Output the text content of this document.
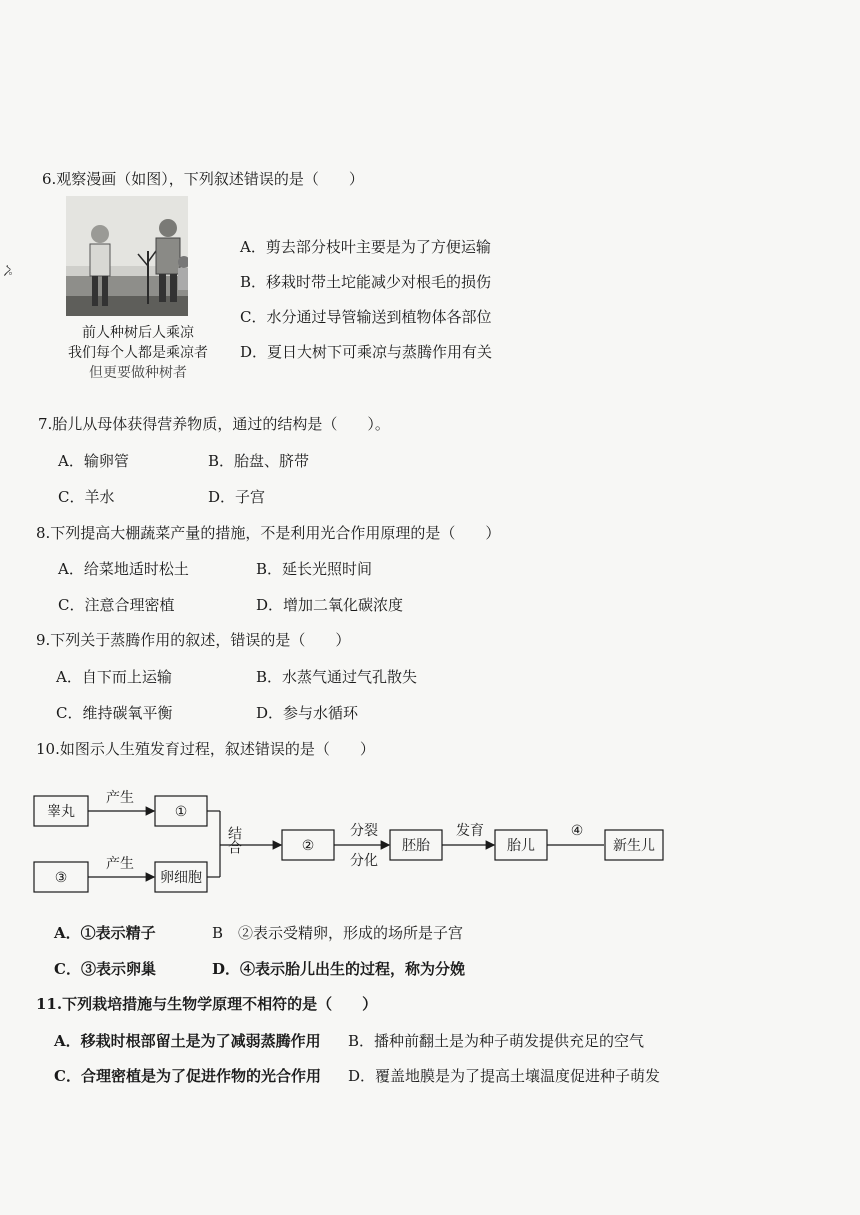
ぺ
6.观察漫画（如图），下列叙述错误的是（　　）
前人种树后人乘凉
我们每个人都是乘凉者
但更要做种树者
A．剪去部分枝叶主要是为了方便运输
B．移栽时带土坨能减少对根毛的损伤
C．水分通过导管输送到植物体各部位
D．夏日大树下可乘凉与蒸腾作用有关
7.胎儿从母体获得营养物质，通过的结构是（　　）。
A．输卵管	B．胎盘、脐带
C．羊水	D．子宫
8.下列提高大棚蔬菜产量的措施，不是利用光合作用原理的是（　　）
A．给菜地适时松土	B．延长光照时间
C．注意合理密植	D．增加二氧化碳浓度
9.下列关于蒸腾作用的叙述，错误的是（　　）
A．自下而上运输	B．水蒸气通过气孔散失
C．维持碳氧平衡	D．参与水循环
10.如图示人生殖发育过程，叙述错误的是（　　）
睾丸	①
③	卵细胞
②	胚胎	胎儿	新生儿
产生
产生
结合	分裂
分化
发育	④
A．①表示精子	B　②表示受精卵，形成的场所是子宫
C．③表示卵巢	D．④表示胎儿出生的过程，称为分娩
11.下列栽培措施与生物学原理不相符的是（　　）
A．移栽时根部留土是为了减弱蒸腾作用 B．播种前翻土是为种子萌发提供充足的空气
C．合理密植是为了促进作物的光合作用 D．覆盖地膜是为了提高土壤温度促进种子萌发
